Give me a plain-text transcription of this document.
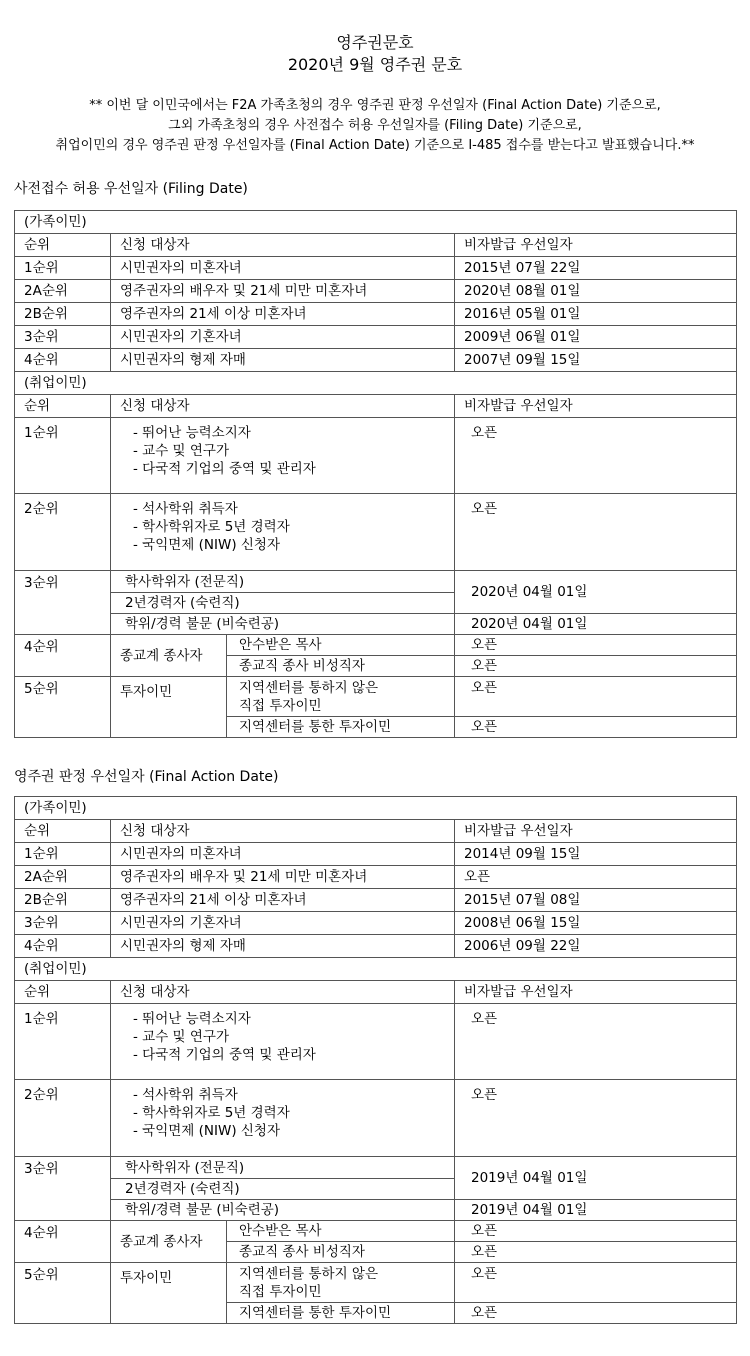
영주권문호
2020년 9월 영주권 문호
** 이번 달 이민국에서는 F2A 가족초청의 경우 영주권 판정 우선일자 (Final Action Date) 기준으로,
그외 가족초청의 경우 사전접수 허용 우선일자를 (Filing Date) 기준으로,
취업이민의 경우 영주권 판정 우선일자를 (Final Action Date) 기준으로 I-485 접수를 받는다고 발표했습니다.**
사전접수 허용 우선일자 (Filing Date)
(가족이민)			
순위	신청 대상자		비자발급 우선일자
1순위	시민권자의 미혼자녀		2015년 07월 22일
2A순위	영주권자의 배우자 및 21세 미만 미혼자녀		2020년 08월 01일
2B순위	영주권자의 21세 이상 미혼자녀		2016년 05월 01일
3순위	시민권자의 기혼자녀		2009년 06월 01일
4순위	시민권자의 형제 자매		2007년 09월 15일
(취업이민)			
순위	신청 대상자		비자발급 우선일자
1순위	- 뛰어난 능력소지자
- 교수 및 연구가
- 다국적 기업의 중역 및 관리자		오픈
2순위	- 석사학위 취득자
- 학사학위자로 5년 경력자
- 국익면제 (NIW) 신청자		오픈
3순위	학사학위자 (전문직)		2020년 04월 01일
	2년경력자 (숙련직)		
	학위/경력 불문 (비숙련공)		2020년 04월 01일
4순위	종교계 종사자	안수받은 목사	오픈
		종교직 종사 비성직자	오픈
5순위	투자이민	지역센터를 통하지 않은
직접 투자이민	오픈
		지역센터를 통한 투자이민	오픈
영주권 판정 우선일자 (Final Action Date)
(가족이민)			
순위	신청 대상자		비자발급 우선일자
1순위	시민권자의 미혼자녀		2014년 09월 15일
2A순위	영주권자의 배우자 및 21세 미만 미혼자녀		오픈
2B순위	영주권자의 21세 이상 미혼자녀		2015년 07월 08일
3순위	시민권자의 기혼자녀		2008년 06월 15일
4순위	시민권자의 형제 자매		2006년 09월 22일
(취업이민)			
순위	신청 대상자		비자발급 우선일자
1순위	- 뛰어난 능력소지자
- 교수 및 연구가
- 다국적 기업의 중역 및 관리자		오픈
2순위	- 석사학위 취득자
- 학사학위자로 5년 경력자
- 국익면제 (NIW) 신청자		오픈
3순위	학사학위자 (전문직)		2019년 04월 01일
	2년경력자 (숙련직)		
	학위/경력 불문 (비숙련공)		2019년 04월 01일
4순위	종교계 종사자	안수받은 목사	오픈
		종교직 종사 비성직자	오픈
5순위	투자이민	지역센터를 통하지 않은
직접 투자이민	오픈
		지역센터를 통한 투자이민	오픈
